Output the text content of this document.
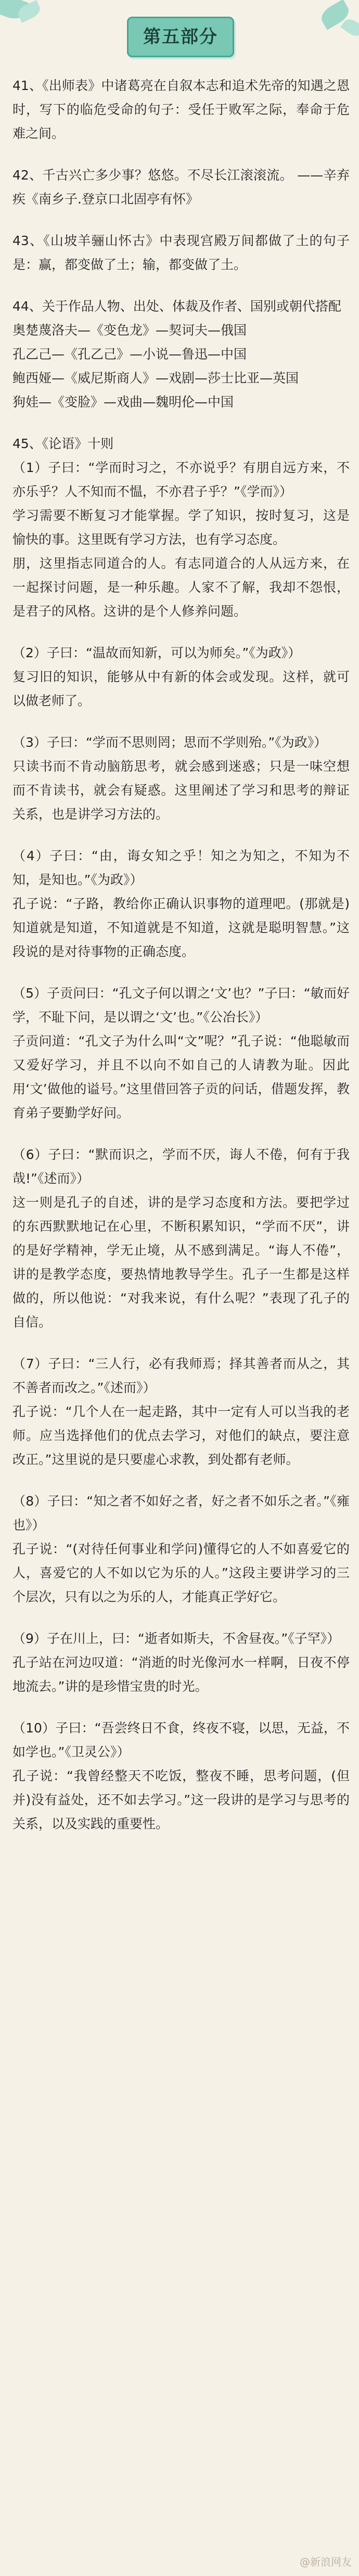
第五部分

41、《出师表》中诸葛亮在自叙本志和追术先帝的知遇之恩时，写下的临危受命的句子：受任于败军之际，奉命于危难之间。

42、千古兴亡多少事？悠悠。不尽长江滚滚流。 ——辛弃疾《南乡子.登京口北固亭有怀》

43、《山坡羊骊山怀古》中表现宫殿万间都做了土的句子是：赢，都变做了土；输，都变做了土。

44、关于作品人物、出处、体裁及作者、国别或朝代搭配
奥楚蔑洛夫—《变色龙》—契诃夫—俄国
孔乙己—《孔乙己》—小说—鲁迅—中国
鲍西娅—《威尼斯商人》—戏剧—莎士比亚—英国
狗娃—《变脸》—戏曲—魏明伦—中国

45、《论语》十则
（1）子曰：“学而时习之，不亦说乎？有朋自远方来，不亦乐乎？人不知而不愠，不亦君子乎？”《学而》）
学习需要不断复习才能掌握。学了知识，按时复习，这是愉快的事。这里既有学习方法，也有学习态度。
朋，这里指志同道合的人。有志同道合的人从远方来，在一起探讨问题，是一种乐趣。人家不了解，我却不怨恨，是君子的风格。这讲的是个人修养问题。

（2）子曰：“温故而知新，可以为师矣。”《为政》）
复习旧的知识，能够从中有新的体会或发现。这样，就可以做老师了。

（3）子曰：“学而不思则罔；思而不学则殆。”《为政》）
只读书而不肯动脑筋思考，就会感到迷惑；只是一味空想而不肯读书，就会有疑惑。这里阐述了学习和思考的辩证关系，也是讲学习方法的。

（4）子曰：“由，诲女知之乎！知之为知之，不知为不知，是知也。”《为政》）
孔子说：“子路，教给你正确认识事物的道理吧。(那就是)知道就是知道，不知道就是不知道，这就是聪明智慧。”这段说的是对待事物的正确态度。

（5）子贡问曰：“孔文子何以谓之‘文’也？”子曰：“敏而好学，不耻下问，是以谓之‘文’也。”《公冶长》）
子贡问道：“孔文子为什么叫“文”呢？”孔子说：“他聪敏而又爱好学习，并且不以向不如自己的人请教为耻。因此用‘文’做他的谥号。”这里借回答子贡的问话，借题发挥，教育弟子要勤学好问。

（6）子曰：“默而识之，学而不厌，诲人不倦，何有于我哉!”《述而》）
这一则是孔子的自述，讲的是学习态度和方法。要把学过的东西默默地记在心里，不断积累知识，“学而不厌”，讲的是好学精神，学无止境，从不感到满足。“诲人不倦”，讲的是教学态度，要热情地教导学生。孔子一生都是这样做的，所以他说：“对我来说，有什么呢？”表现了孔子的自信。

（7）子曰：“三人行，必有我师焉；择其善者而从之，其不善者而改之。”《述而》）
孔子说：“几个人在一起走路，其中一定有人可以当我的老师。应当选择他们的优点去学习，对他们的缺点，要注意改正。”这里说的是只要虚心求教，到处都有老师。

（8）子曰：“知之者不如好之者，好之者不如乐之者。”《雍也》）
孔子说：“(对待任何事业和学问)懂得它的人不如喜爱它的人，喜爱它的人不如以它为乐的人。”这段主要讲学习的三个层次，只有以之为乐的人，才能真正学好它。

（9）子在川上，曰：“逝者如斯夫，不舍昼夜。”《子罕》）
孔子站在河边叹道：“消逝的时光像河水一样啊，日夜不停地流去。”讲的是珍惜宝贵的时光。

（10）子曰：“吾尝终日不食，终夜不寝，以思，无益，不如学也。”《卫灵公》）
孔子说：“我曾经整天不吃饭，整夜不睡，思考问题，(但并)没有益处，还不如去学习。”这一段讲的是学习与思考的关系，以及实践的重要性。

@新浪网友
